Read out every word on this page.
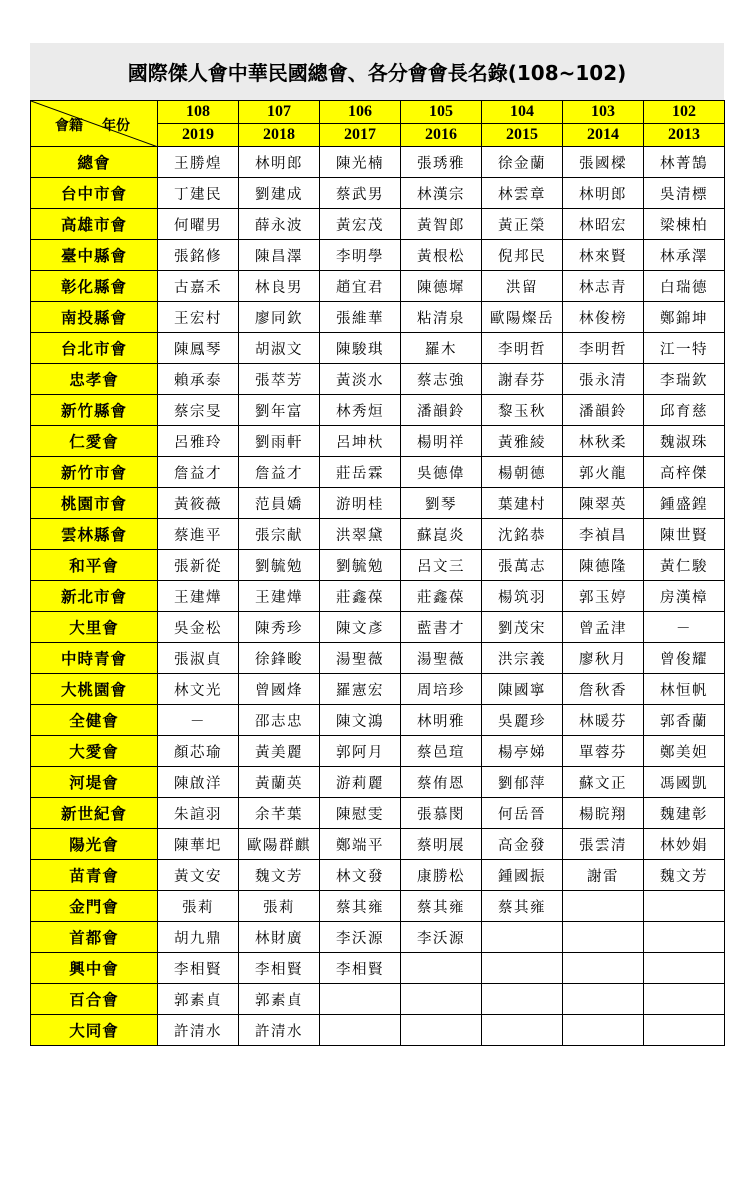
國際傑人會中華民國總會、各分會會長名錄(108~102)
會籍 年份	108	107	106	105	104	103	102
	2019	2018	2017	2016	2015	2014	2013
總會	王勝煌	林明郎	陳光楠	張琇雅	徐金蘭	張國樑	林菁鵠
台中市會	丁建民	劉建成	蔡武男	林漢宗	林雲章	林明郎	吳清標
高雄市會	何曜男	薛永波	黃宏茂	黃智郎	黃正榮	林昭宏	梁棟柏
臺中縣會	張銘修	陳昌澤	李明學	黃根松	倪邦民	林來賢	林承澤
彰化縣會	古嘉禾	林良男	趙宜君	陳德墀	洪留	林志青	白瑞德
南投縣會	王宏村	廖同欽	張維華	粘清泉	歐陽燦岳	林俊榜	鄭錦坤
台北市會	陳鳳琴	胡淑文	陳駿琪	羅木	李明哲	李明哲	江一特
忠孝會	賴承泰	張萃芳	黃淡水	蔡志強	謝春芬	張永清	李瑞欽
新竹縣會	蔡宗旻	劉年富	林秀烜	潘韻鈴	黎玉秋	潘韻鈴	邱育慈
仁愛會	呂雅玲	劉雨軒	呂坤杕	楊明祥	黃雅綾	林秋柔	魏淑珠
新竹市會	詹益才	詹益才	莊岳霖	吳德偉	楊朝德	郭火龍	高梓傑
桃園市會	黃筱薇	范員嬌	游明桂	劉琴	葉建村	陳翠英	鍾盛鍠
雲林縣會	蔡進平	張宗献	洪翠黛	蘇崑炎	沈銘恭	李禎昌	陳世賢
和平會	張新從	劉毓勉	劉毓勉	呂文三	張萬志	陳德隆	黃仁駿
新北市會	王建燁	王建燁	莊鑫葆	莊鑫葆	楊筑羽	郭玉婷	房漢樟
大里會	吳金松	陳秀珍	陳文彥	藍書才	劉茂宋	曾孟津	－
中時青會	張淑貞	徐鋒畯	湯聖薇	湯聖薇	洪宗義	廖秋月	曾俊耀
大桃園會	林文光	曾國烽	羅憲宏	周培珍	陳國寧	詹秋香	林恒帆
全健會	－	邵志忠	陳文鴻	林明雅	吳麗珍	林暖芬	郭香蘭
大愛會	顏芯瑜	黃美麗	郭阿月	蔡邑瑄	楊亭娣	單蓉芬	鄭美妲
河堤會	陳啟洋	黃蘭英	游莉麗	蔡侑恩	劉郁萍	蘇文正	馮國凱
新世紀會	朱諠羽	余芊葉	陳慰雯	張慕閔	何岳晉	楊睆翔	魏建彰
陽光會	陳華圯	歐陽群麒	鄭端平	蔡明展	高金發	張雲清	林妙娟
苗青會	黃文安	魏文芳	林文發	康勝松	鍾國振	謝雷	魏文芳
金門會	張莉	張莉	蔡其雍	蔡其雍	蔡其雍		
首都會	胡九鼎	林財廣	李沃源	李沃源			
興中會	李相賢	李相賢	李相賢				
百合會	郭素貞	郭素貞					
大同會	許清水	許清水					
